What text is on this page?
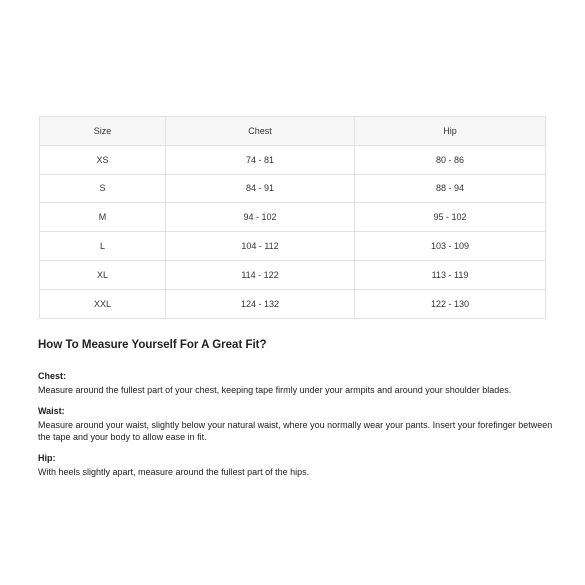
Size	Chest	Hip
XS	74 - 81	80 - 86
S	84 - 91	88 - 94
M	94 - 102	95 - 102
L	104 - 112	103 - 109
XL	114 - 122	113 - 119
XXL	124 - 132	122 - 130
How To Measure Yourself For A Great Fit?
Chest:

Measure around the fullest part of your chest, keeping tape firmly under your armpits and around your shoulder blades.

Waist:

Measure around your waist, slightly below your natural waist, where you normally wear your pants. Insert your forefinger between the tape and your body to allow ease in fit.

Hip:

With heels slightly apart, measure around the fullest part of the hips.
